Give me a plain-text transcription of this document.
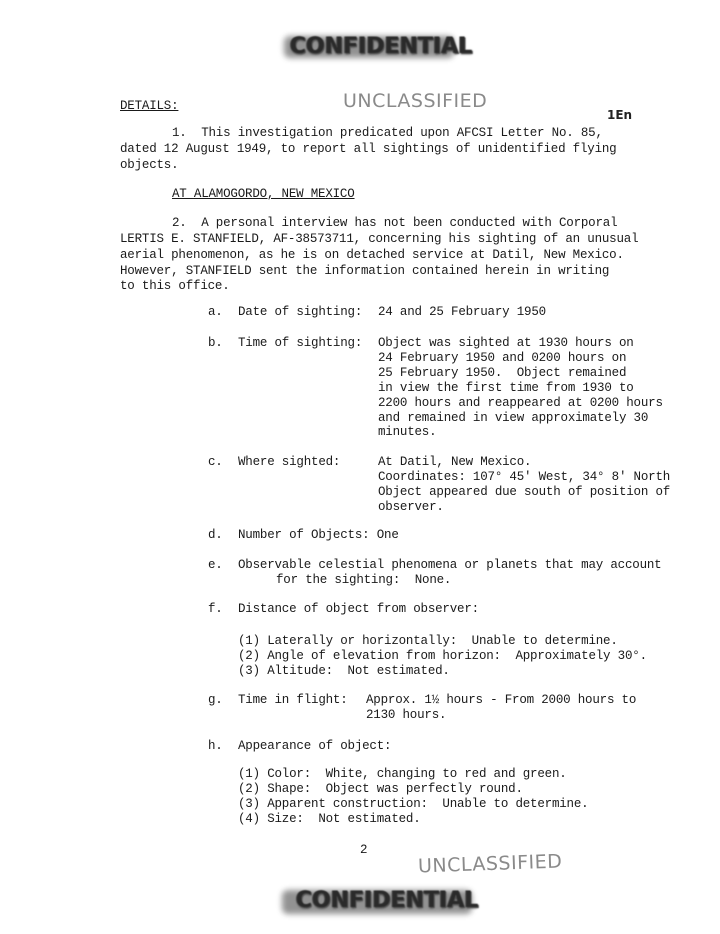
CONFIDENTIAL
UNCLASSIFIED
1En
DETAILS:
1.  This investigation predicated upon AFCSI Letter No. 85,
dated 12 August 1949, to report all sightings of unidentified flying
objects.
AT ALAMOGORDO, NEW MEXICO
2.  A personal interview has not been conducted with Corporal
LERTIS E. STANFIELD, AF-38573711, concerning his sighting of an unusual
aerial phenomenon, as he is on detached service at Datil, New Mexico.
However, STANFIELD sent the information contained herein in writing
to this office.
a. Date of sighting: 24 and 25 February 1950
b. Time of sighting: Object was sighted at 1930 hours on
24 February 1950 and 0200 hours on
25 February 1950.  Object remained
in view the first time from 1930 to
2200 hours and reappeared at 0200 hours
and remained in view approximately 30
minutes.
c. Where sighted:	At Datil, New Mexico.
Coordinates: 107° 45' West, 34° 8' North
Object appeared due south of position of
observer.
d. Number of Objects: One
e. Observable celestial phenomena or planets that may account
for the sighting:  None.
f. Distance of object from observer:
(1) Laterally or horizontally:  Unable to determine.
(2) Angle of elevation from horizon:  Approximately 30°.
(3) Altitude:  Not estimated.
g. Time in flight: Approx. 1½ hours - From 2000 hours to
2130 hours.
h. Appearance of object:
(1) Color:  White, changing to red and green.
(2) Shape:  Object was perfectly round.
(3) Apparent construction:  Unable to determine.
(4) Size:  Not estimated.
2
UNCLASSIFIED
CONFIDENTIAL
